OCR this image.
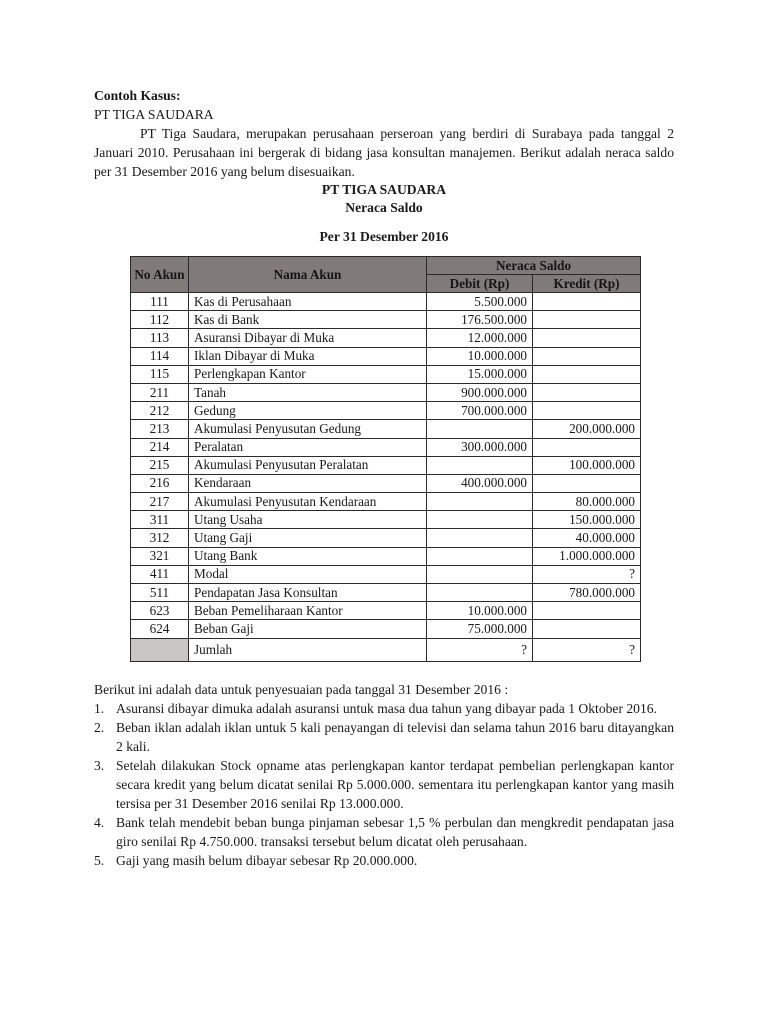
Contoh Kasus:
PT TIGA SAUDARA

PT Tiga Saudara, merupakan perusahaan perseroan yang berdiri di Surabaya pada tanggal 2 Januari 2010. Perusahaan ini bergerak di bidang jasa konsultan manajemen. Berikut adalah neraca saldo per 31 Desember 2016 yang belum disesuaikan.

PT TIGA SAUDARA
Neraca Saldo
Per 31 Desember 2016
No Akun	Nama Akun	Neraca Saldo	
		Debit (Rp)	Kredit (Rp)
111	Kas di Perusahaan	5.500.000	
112	Kas di Bank	176.500.000	
113	Asuransi Dibayar di Muka	12.000.000	
114	Iklan Dibayar di Muka	10.000.000	
115	Perlengkapan Kantor	15.000.000	
211	Tanah	900.000.000	
212	Gedung	700.000.000	
213	Akumulasi Penyusutan Gedung		200.000.000
214	Peralatan	300.000.000	
215	Akumulasi Penyusutan Peralatan		100.000.000
216	Kendaraan	400.000.000	
217	Akumulasi Penyusutan Kendaraan		80.000.000
311	Utang Usaha		150.000.000
312	Utang Gaji		40.000.000
321	Utang Bank		1.000.000.000
411	Modal		?
511	Pendapatan Jasa Konsultan		780.000.000
623	Beban Pemeliharaan Kantor	10.000.000	
624	Beban Gaji	75.000.000	
	Jumlah	?	?
Berikut ini adalah data untuk penyesuaian pada tanggal 31 Desember 2016 :
1. Asuransi dibayar dimuka adalah asuransi untuk masa dua tahun yang dibayar pada 1 Oktober 2016.
2. Beban iklan adalah iklan untuk 5 kali penayangan di televisi dan selama tahun 2016 baru ditayangkan 2 kali.
3. Setelah dilakukan Stock opname atas perlengkapan kantor terdapat pembelian perlengkapan kantor secara kredit yang belum dicatat senilai Rp 5.000.000. sementara itu perlengkapan kantor yang masih tersisa per 31 Desember 2016 senilai Rp 13.000.000.
4. Bank telah mendebit beban bunga pinjaman sebesar 1,5 % perbulan dan mengkredit pendapatan jasa giro senilai Rp 4.750.000. transaksi tersebut belum dicatat oleh perusahaan.
5. Gaji yang masih belum dibayar sebesar Rp 20.000.000.
